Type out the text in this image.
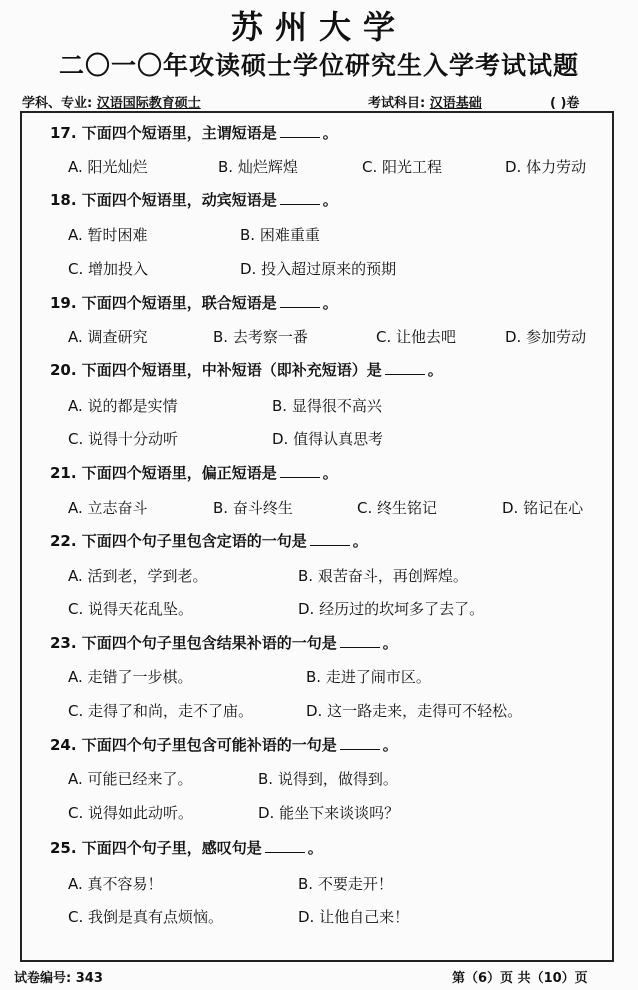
苏州大学
二〇一〇年攻读硕士学位研究生入学考试试题
学科、专业: 汉语国际教育硕士	考试科目: 汉语基础	( )卷
17. 下面四个短语里，主谓短语是	。
A. 阳光灿烂	B. 灿烂辉煌	C. 阳光工程	D. 体力劳动
18. 下面四个短语里，动宾短语是	。
A. 暂时困难	B. 困难重重
C. 增加投入	D. 投入超过原来的预期
19. 下面四个短语里，联合短语是	。
A. 调查研究	B. 去考察一番	C. 让他去吧	D. 参加劳动
20. 下面四个短语里，中补短语（即补充短语）是	。
A. 说的都是实情	B. 显得很不高兴
C. 说得十分动听	D. 值得认真思考
21. 下面四个短语里，偏正短语是	。
A. 立志奋斗	B. 奋斗终生	C. 终生铭记	D. 铭记在心
22. 下面四个句子里包含定语的一句是	。
A. 活到老，学到老。	B. 艰苦奋斗，再创辉煌。
C. 说得天花乱坠。	D. 经历过的坎坷多了去了。
23. 下面四个句子里包含结果补语的一句是	。
A. 走错了一步棋。	B. 走进了闹市区。
C. 走得了和尚，走不了庙。	D. 这一路走来，走得可不轻松。
24. 下面四个句子里包含可能补语的一句是	。
A. 可能已经来了。	B. 说得到，做得到。
C. 说得如此动听。	D. 能坐下来谈谈吗？
25. 下面四个句子里，感叹句是	。
A. 真不容易！	B. 不要走开！
C. 我倒是真有点烦恼。	D. 让他自己来！
试卷编号: 343	第（6）页 共（10）页
